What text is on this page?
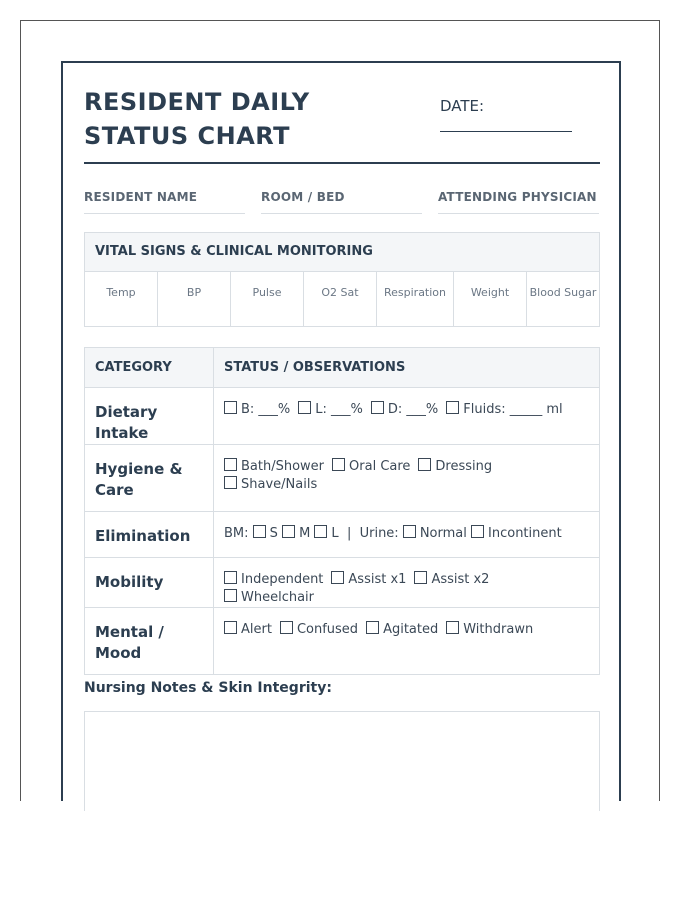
RESIDENT DAILY STATUS CHART
DATE:
RESIDENT NAME	ROOM / BED	ATTENDING PHYSICIAN
VITAL SIGNS & CLINICAL MONITORING
Temp	BP	Pulse	O2 Sat	Respiration	Weight	Blood Sugar
CATEGORY	STATUS / OBSERVATIONS
Dietary Intake	B: ___% L: ___% D: ___% Fluids: _____ ml
Hygiene & Care	Bath/Shower Oral Care DressingShave/Nails
Elimination	BM: S M L | Urine: Normal Incontinent
Mobility	Independent Assist x1 Assist x2Wheelchair
Mental / Mood	Alert Confused Agitated Withdrawn
Nursing Notes & Skin Integrity:
